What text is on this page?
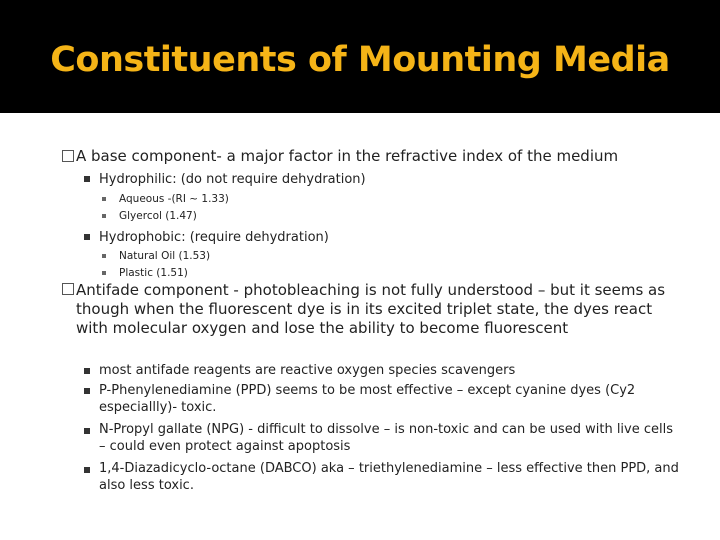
Constituents of Mounting Media
A base component- a major factor in the refractive index of the medium
Hydrophilic: (do not require dehydration)
Aqueous -(RI ~ 1.33)
Glyercol (1.47)
Hydrophobic: (require dehydration)
Natural Oil (1.53)
Plastic (1.51)
Antifade component - photobleaching is not fully understood – but it seems as though when the fluorescent dye is in its excited triplet state, the dyes react with molecular oxygen and lose the ability to become fluorescent
most antifade reagents are reactive oxygen species scavengers
P-Phenylenediamine (PPD) seems to be most effective – except cyanine dyes (Cy2 especiallly)- toxic.
N-Propyl gallate (NPG) - difficult to dissolve – is non-toxic and can be used with live cells – could even protect against apoptosis
1,4-Diazadicyclo-octane (DABCO) aka – triethylenediamine – less effective then PPD, and also less toxic.
